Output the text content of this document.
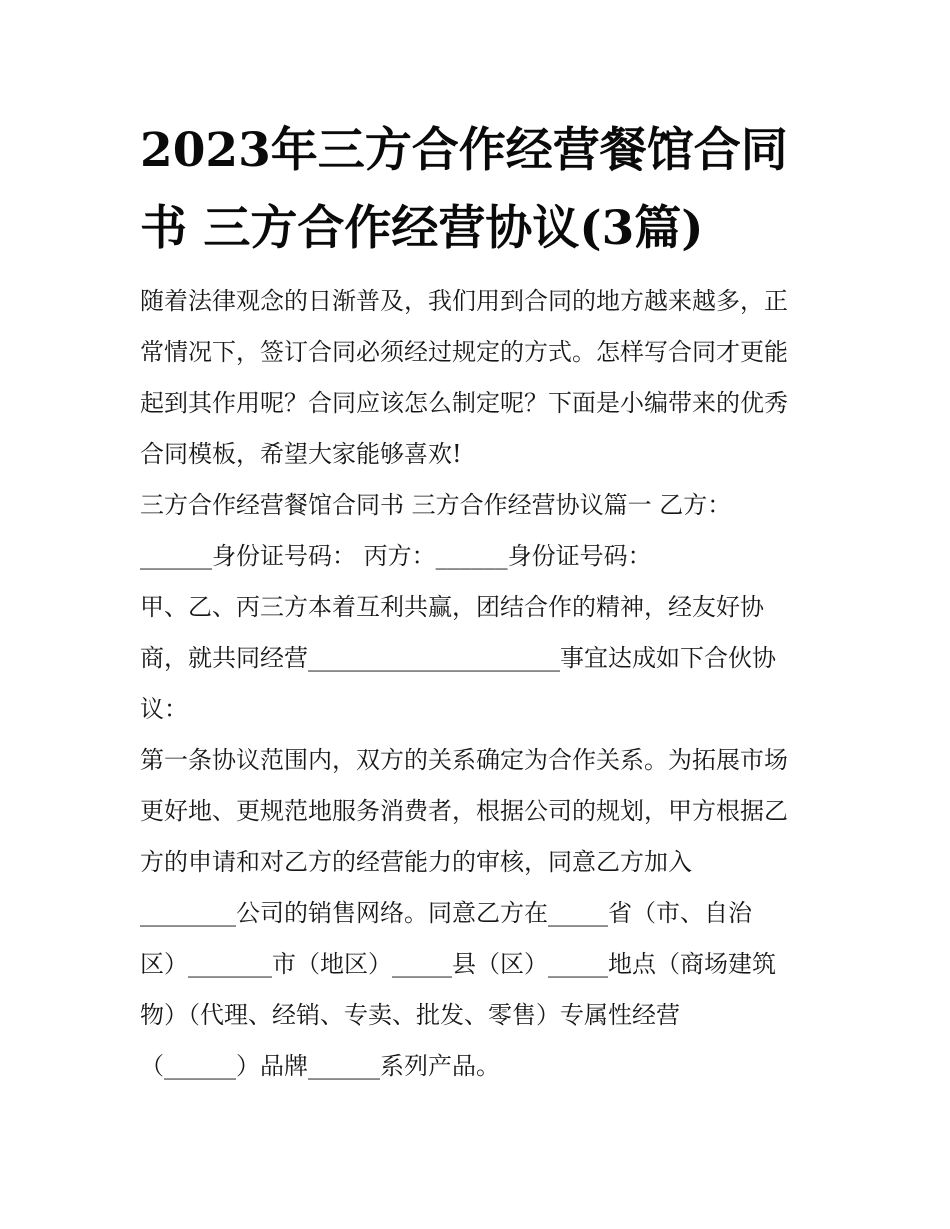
2023年三方合作经营餐馆合同
书 三方合作经营协议(3篇)
随着法律观念的日渐普及，我们用到合同的地方越来越多，正
常情况下，签订合同必须经过规定的方式。怎样写合同才更能
起到其作用呢？合同应该怎么制定呢？下面是小编带来的优秀
合同模板，希望大家能够喜欢!
三方合作经营餐馆合同书 三方合作经营协议篇一 乙方：
______身份证号码： 丙方：______身份证号码：
甲、乙、丙三方本着互利共赢，团结合作的精神，经友好协
商，就共同经营_____________________事宜达成如下合伙协
议：
第一条协议范围内，双方的关系确定为合作关系。为拓展市场
更好地、更规范地服务消费者，根据公司的规划，甲方根据乙
方的申请和对乙方的经营能力的审核，同意乙方加入
________公司的销售网络。同意乙方在_____省（市、自治
区）_______市（地区）_____县（区）_____地点（商场建筑
物）（代理、经销、专卖、批发、零售）专属性经营
（______）品牌______系列产品。
